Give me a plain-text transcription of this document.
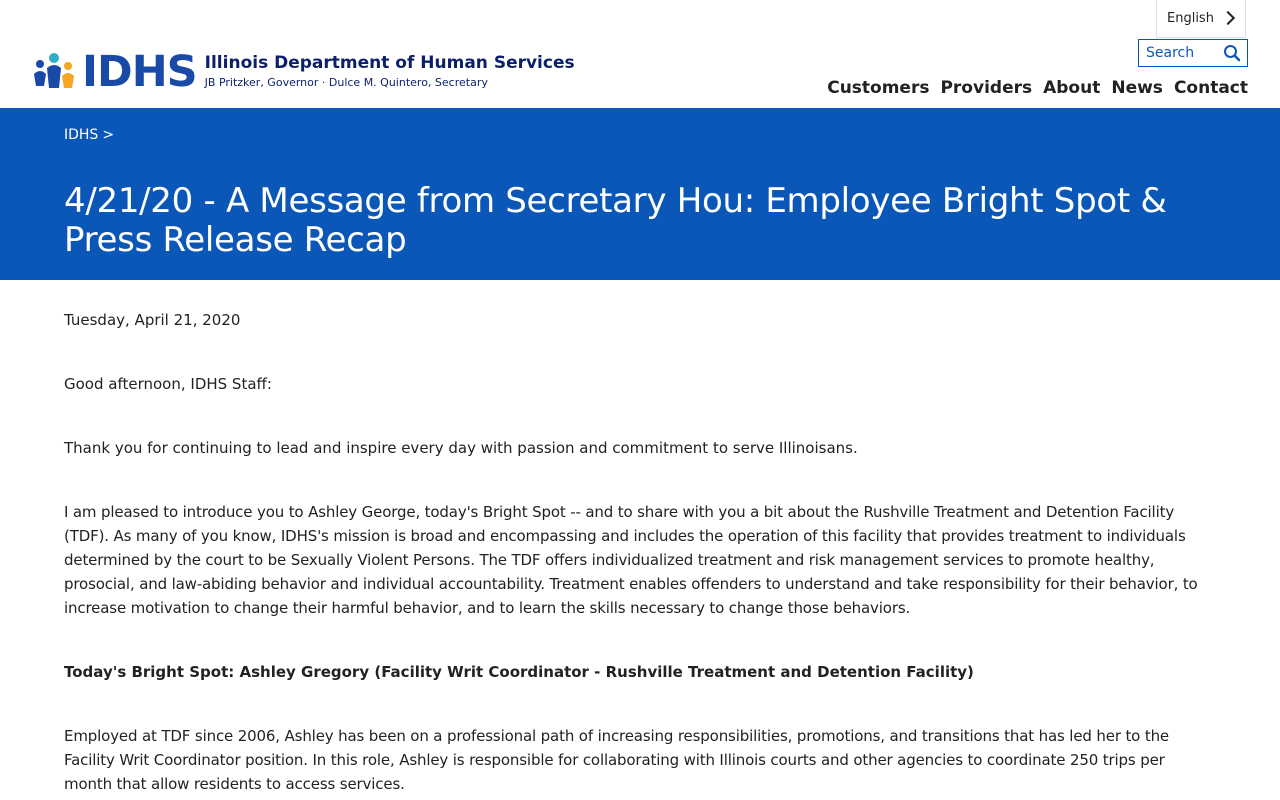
IDHS Illinois Department of Human Services
JB Pritzker, Governor · Dulce M. Quintero, Secretary
English
Search
Customers Providers About News Contact
IDHS >
4/21/20 - A Message from Secretary Hou: Employee Bright Spot & Press Release Recap

Tuesday, April 21, 2020

Good afternoon, IDHS Staff:

Thank you for continuing to lead and inspire every day with passion and commitment to serve Illinoisans.

I am pleased to introduce you to Ashley George, today's Bright Spot -- and to share with you a bit about the Rushville Treatment and Detention Facility (TDF). As many of you know, IDHS's mission is broad and encompassing and includes the operation of this facility that provides treatment to individuals determined by the court to be Sexually Violent Persons. The TDF offers individualized treatment and risk management services to promote healthy, prosocial, and law-abiding behavior and individual accountability. Treatment enables offenders to understand and take responsibility for their behavior, to increase motivation to change their harmful behavior, and to learn the skills necessary to change those behaviors.

Today's Bright Spot: Ashley Gregory (Facility Writ Coordinator - Rushville Treatment and Detention Facility)

Employed at TDF since 2006, Ashley has been on a professional path of increasing responsibilities, promotions, and transitions that has led her to the Facility Writ Coordinator position. In this role, Ashley is responsible for collaborating with Illinois courts and other agencies to coordinate 250 trips per month that allow residents to access services.
